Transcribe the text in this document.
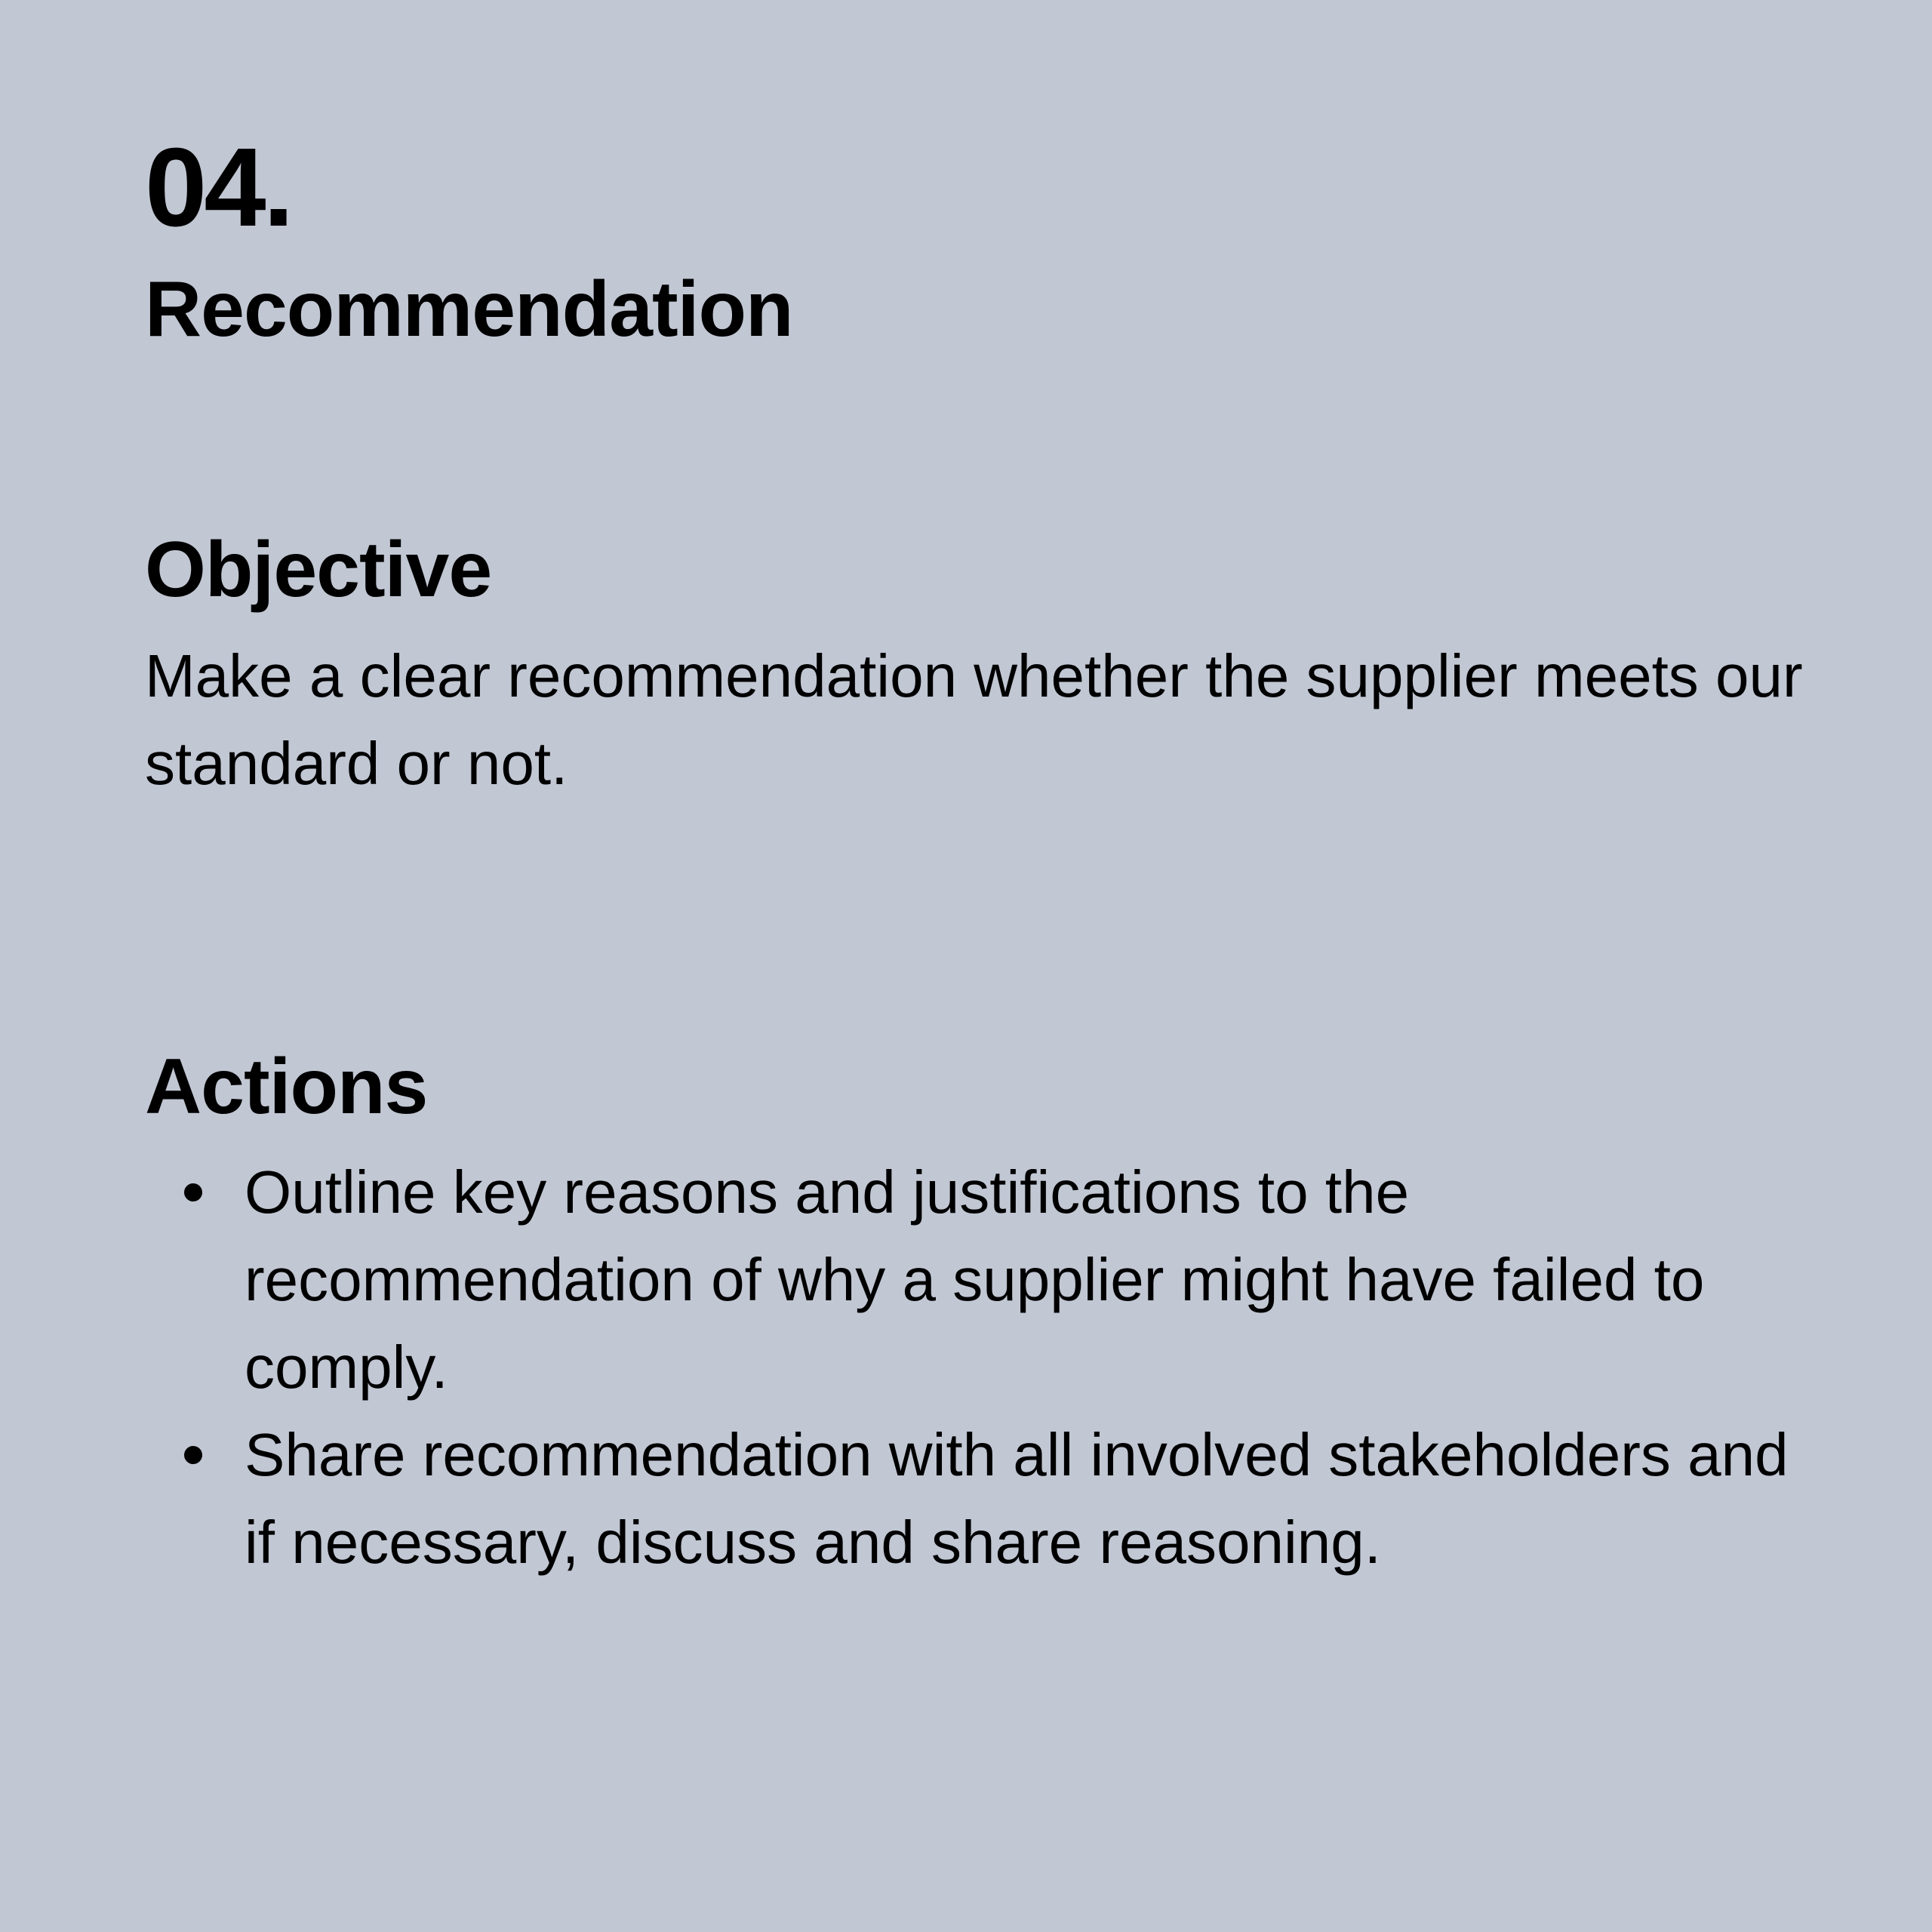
04.
Recommendation
Objective

Make a clear recommendation whether the supplier meets our standard or not.

Actions
Outline key reasons and justifications to the recommendation of why a supplier might have failed to comply.
Share recommendation with all involved stakeholders and if necessary, discuss and share reasoning.
